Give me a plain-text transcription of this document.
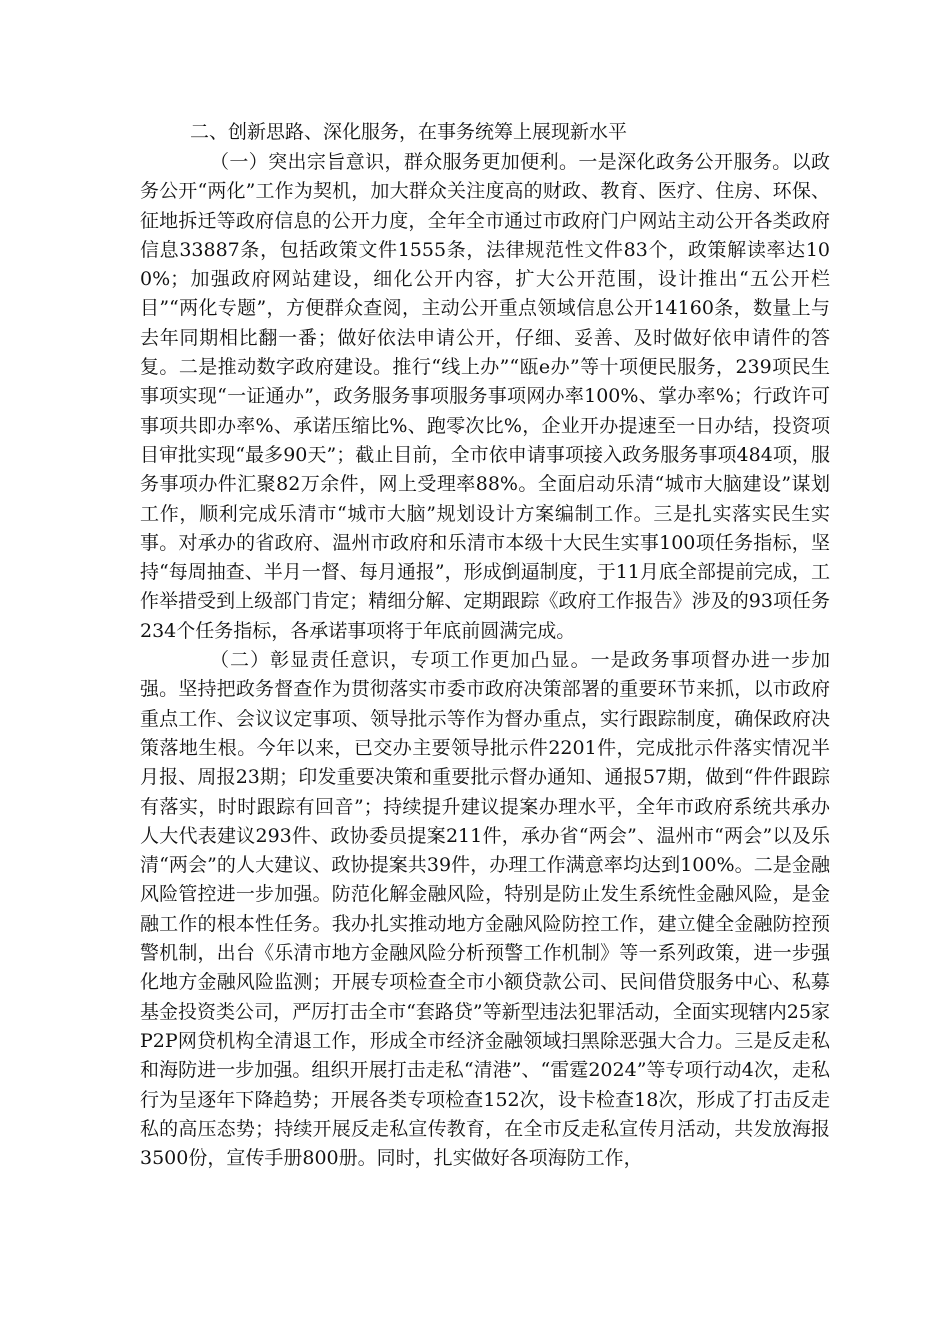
二、创新思路、深化服务，在事务统筹上展现新水平

（一）突出宗旨意识，群众服务更加便利。一是深化政务公开服务。以政务公开“两化”工作为契机，加大群众关注度高的财政、教育、医疗、住房、环保、征地拆迁等政府信息的公开力度，全年全市通过市政府门户网站主动公开各类政府信息33887条，包括政策文件1555条，法律规范性文件83个，政策解读率达100%；加强政府网站建设，细化公开内容，扩大公开范围，设计推出“五公开栏目”“两化专题”，方便群众查阅，主动公开重点领域信息公开14160条，数量上与去年同期相比翻一番；做好依法申请公开，仔细、妥善、及时做好依申请件的答复。二是推动数字政府建设。推行“线上办”“瓯e办”等十项便民服务，239项民生事项实现“一证通办”，政务服务事项服务事项网办率100%、掌办率%；行政许可事项共即办率%、承诺压缩比%、跑零次比%，企业开办提速至一日办结，投资项目审批实现“最多90天”；截止目前，全市依申请事项接入政务服务事项484项，服务事项办件汇聚82万余件，网上受理率88%。全面启动乐清“城市大脑建设”谋划工作，顺利完成乐清市“城市大脑”规划设计方案编制工作。三是扎实落实民生实事。对承办的省政府、温州市政府和乐清市本级十大民生实事100项任务指标，坚持“每周抽查、半月一督、每月通报”，形成倒逼制度，于11月底全部提前完成，工作举措受到上级部门肯定；精细分解、定期跟踪《政府工作报告》涉及的93项任务234个任务指标，各承诺事项将于年底前圆满完成。

（二）彰显责任意识，专项工作更加凸显。一是政务事项督办进一步加强。坚持把政务督查作为贯彻落实市委市政府决策部署的重要环节来抓，以市政府重点工作、会议议定事项、领导批示等作为督办重点，实行跟踪制度，确保政府决策落地生根。今年以来，已交办主要领导批示件2201件，完成批示件落实情况半月报、周报23期；印发重要决策和重要批示督办通知、通报57期，做到“件件跟踪有落实，时时跟踪有回音”；持续提升建议提案办理水平，全年市政府系统共承办人大代表建议293件、政协委员提案211件，承办省“两会”、温州市“两会”以及乐清“两会”的人大建议、政协提案共39件，办理工作满意率均达到100%。二是金融风险管控进一步加强。防范化解金融风险，特别是防止发生系统性金融风险，是金融工作的根本性任务。我办扎实推动地方金融风险防控工作，建立健全金融防控预警机制，出台《乐清市地方金融风险分析预警工作机制》等一系列政策，进一步强化地方金融风险监测；开展专项检查全市小额贷款公司、民间借贷服务中心、私募基金投资类公司，严厉打击全市“套路贷”等新型违法犯罪活动，全面实现辖内25家P2P网贷机构全清退工作，形成全市经济金融领域扫黑除恶强大合力。三是反走私和海防进一步加强。组织开展打击走私“清港”、“雷霆2024”等专项行动4次，走私行为呈逐年下降趋势；开展各类专项检查152次，设卡检查18次，形成了打击反走私的高压态势；持续开展反走私宣传教育，在全市反走私宣传月活动，共发放海报3500份，宣传手册800册。同时，扎实做好各项海防工作，
